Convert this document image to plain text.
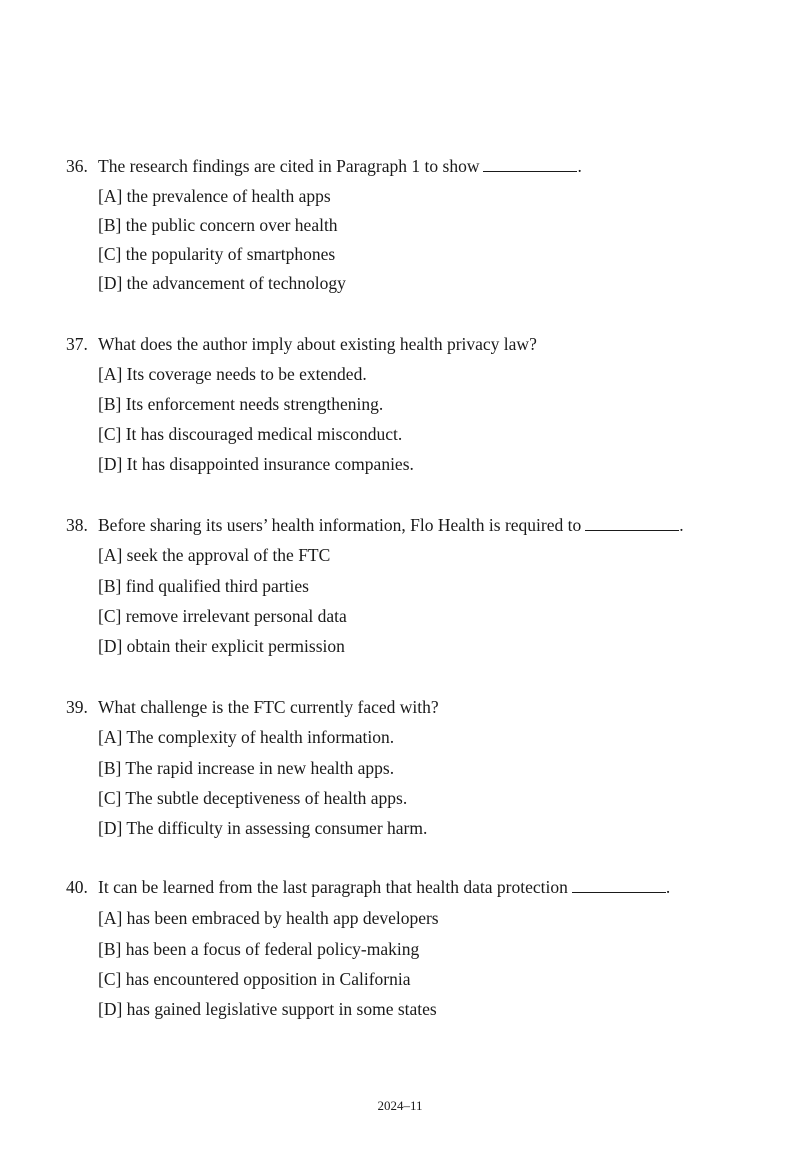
36. The research findings are cited in Paragraph 1 to show	.
[A] the prevalence of health apps
[B] the public concern over health
[C] the popularity of smartphones
[D] the advancement of technology
37. What does the author imply about existing health privacy law?
[A] Its coverage needs to be extended.
[B] Its enforcement needs strengthening.
[C] It has discouraged medical misconduct.
[D] It has disappointed insurance companies.
38. Before sharing its users’ health information, Flo Health is required to	.
[A] seek the approval of the FTC
[B] find qualified third parties
[C] remove irrelevant personal data
[D] obtain their explicit permission
39. What challenge is the FTC currently faced with?
[A] The complexity of health information.
[B] The rapid increase in new health apps.
[C] The subtle deceptiveness of health apps.
[D] The difficulty in assessing consumer harm.
40. It can be learned from the last paragraph that health data protection	.
[A] has been embraced by health app developers
[B] has been a focus of federal policy-making
[C] has encountered opposition in California
[D] has gained legislative support in some states
2024–11
